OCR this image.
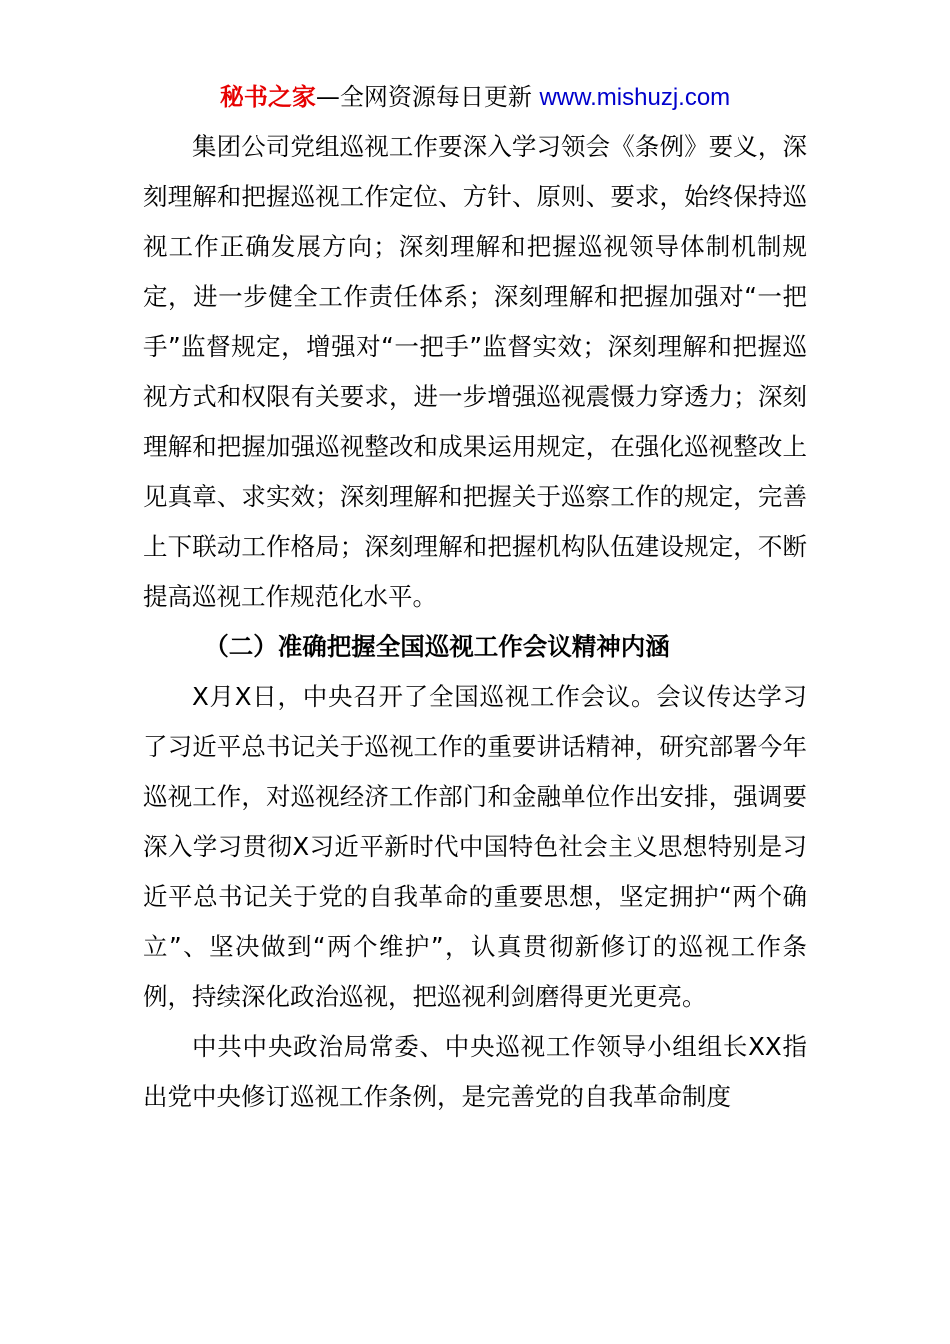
秘书之家—全网资源每日更新 www.mishuzj.com

集团公司党组巡视工作要深入学习领会《条例》要义，深刻理解和把握巡视工作定位、方针、原则、要求，始终保持巡视工作正确发展方向；深刻理解和把握巡视领导体制机制规定，进一步健全工作责任体系；深刻理解和把握加强对“一把手”监督规定，增强对“一把手”监督实效；深刻理解和把握巡视方式和权限有关要求，进一步增强巡视震慑力穿透力；深刻理解和把握加强巡视整改和成果运用规定，在强化巡视整改上见真章、求实效；深刻理解和把握关于巡察工作的规定，完善上下联动工作格局；深刻理解和把握机构队伍建设规定，不断提高巡视工作规范化水平。

（二）准确把握全国巡视工作会议精神内涵

X月X日，中央召开了全国巡视工作会议。会议传达学习了习近平总书记关于巡视工作的重要讲话精神，研究部署今年巡视工作，对巡视经济工作部门和金融单位作出安排，强调要深入学习贯彻X习近平新时代中国特色社会主义思想特别是习近平总书记关于党的自我革命的重要思想，坚定拥护“两个确立”、坚决做到“两个维护”，认真贯彻新修订的巡视工作条例，持续深化政治巡视，把巡视利剑磨得更光更亮。

中共中央政治局常委、中央巡视工作领导小组组长XX指出党中央修订巡视工作条例，是完善党的自我革命制度
